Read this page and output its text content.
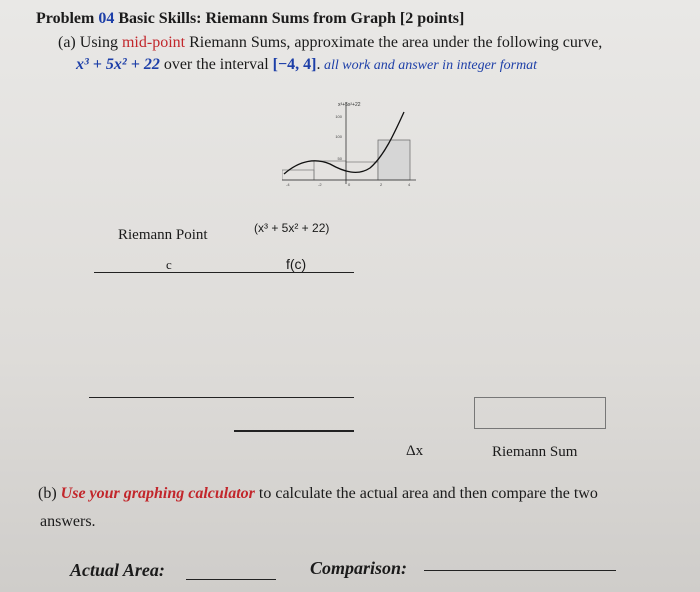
Problem 04 Basic Skills: Riemann Sums from Graph [2 points]
(a) Using mid-point Riemann Sums, approximate the area under the following curve,
x³ + 5x² + 22 over the interval [−4, 4]. all work and answer in integer format
x³+5x²+22
100
100
50
-4	-2	0	2	4
Riemann Point	(x³ + 5x² + 22)
c	f(c)
Δx	Riemann Sum
(b) Use your graphing calculator to calculate the actual area and then compare the two
answers.
Actual Area:	Comparison:
